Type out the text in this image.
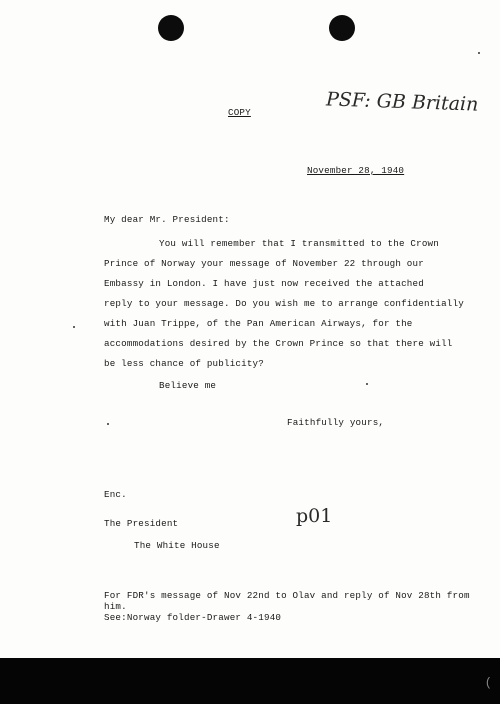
COPY	PSF: GB Britain
November 28, 1940
My dear Mr. President:
You will remember that I transmitted to the Crown
Prince of Norway your message of November 22 through our
Embassy in London. I have just now received the attached
reply to your message. Do you wish me to arrange confidentially
with Juan Trippe, of the Pan American Airways, for the
accommodations desired by the Crown Prince so that there will
be less chance of publicity?
Believe me
Faithfully yours,
Enc.
p01
The President
The White House
For FDR's message of Nov 22nd to Olav and reply of Nov 28th from
him.
See:Norway folder-Drawer 4-1940
(
